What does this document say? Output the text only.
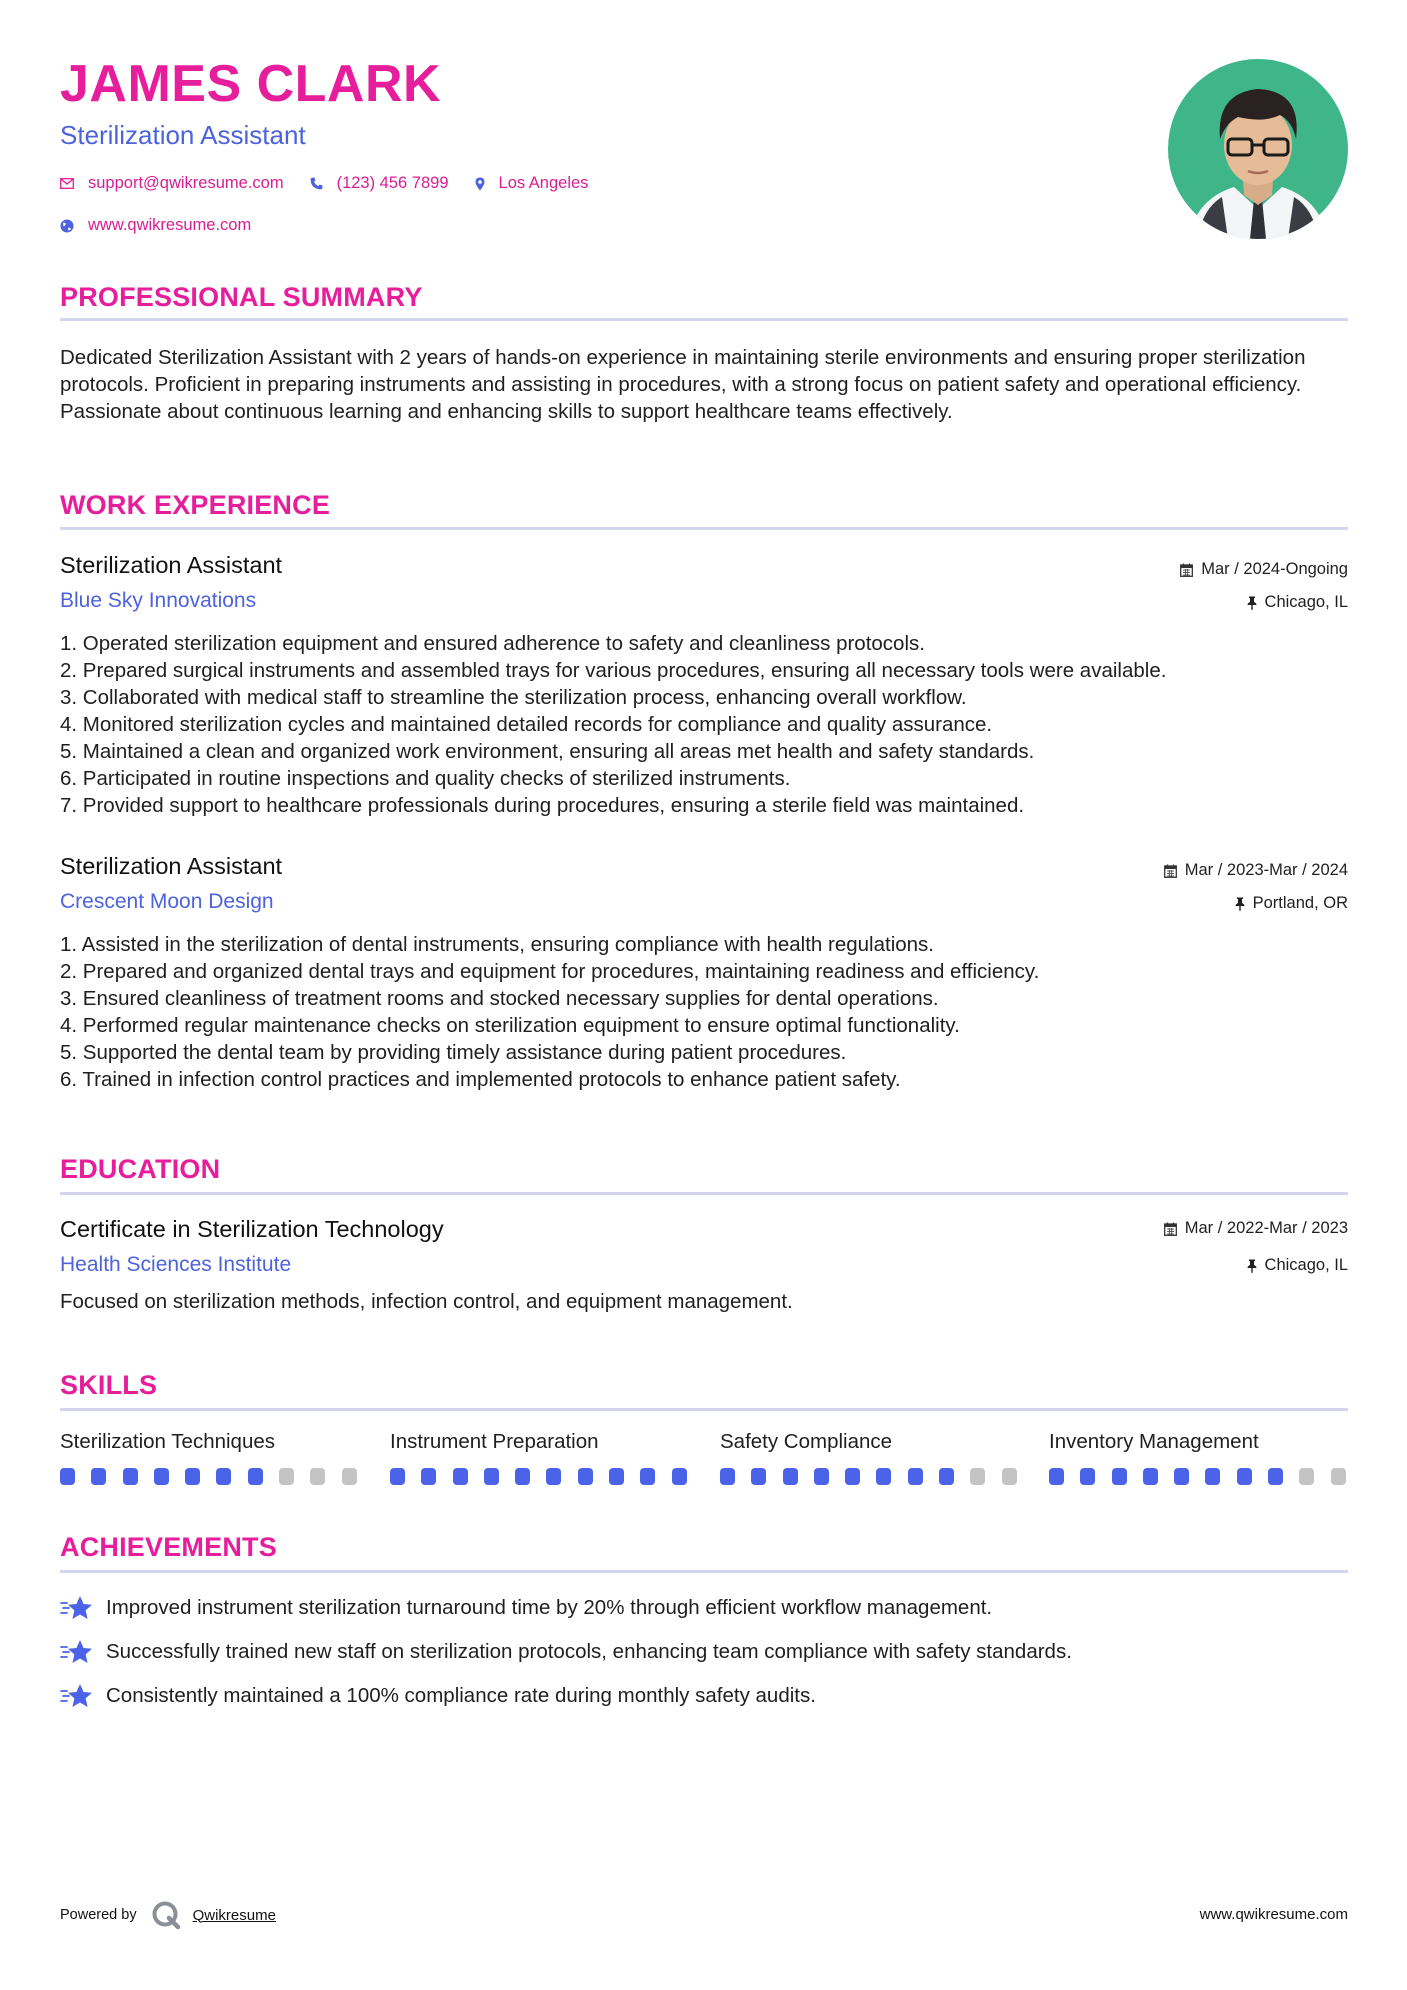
JAMES CLARK
Sterilization Assistant
support@qwikresume.com	(123) 456 7899	Los Angeles
www.qwikresume.com
PROFESSIONAL SUMMARY

Dedicated Sterilization Assistant with 2 years of hands-on experience in maintaining sterile environments and ensuring proper sterilization protocols. Proficient in preparing instruments and assisting in procedures, with a strong focus on patient safety and operational efficiency. Passionate about continuous learning and enhancing skills to support healthcare teams effectively.

WORK EXPERIENCE
Sterilization Assistant	Mar / 2024-Ongoing
Blue Sky Innovations	Chicago, IL
1. Operated sterilization equipment and ensured adherence to safety and cleanliness protocols.
2. Prepared surgical instruments and assembled trays for various procedures, ensuring all necessary tools were available.
3. Collaborated with medical staff to streamline the sterilization process, enhancing overall workflow.
4. Monitored sterilization cycles and maintained detailed records for compliance and quality assurance.
5. Maintained a clean and organized work environment, ensuring all areas met health and safety standards.
6. Participated in routine inspections and quality checks of sterilized instruments.
7. Provided support to healthcare professionals during procedures, ensuring a sterile field was maintained.
Sterilization Assistant	Mar / 2023-Mar / 2024
Crescent Moon Design	Portland, OR
1. Assisted in the sterilization of dental instruments, ensuring compliance with health regulations.
2. Prepared and organized dental trays and equipment for procedures, maintaining readiness and efficiency.
3. Ensured cleanliness of treatment rooms and stocked necessary supplies for dental operations.
4. Performed regular maintenance checks on sterilization equipment to ensure optimal functionality.
5. Supported the dental team by providing timely assistance during patient procedures.
6. Trained in infection control practices and implemented protocols to enhance patient safety.
EDUCATION
Certificate in Sterilization Technology	Mar / 2022-Mar / 2023
Health Sciences Institute	Chicago, IL
Focused on sterilization methods, infection control, and equipment management.
SKILLS
Sterilization Techniques	Instrument Preparation	Safety Compliance	Inventory Management
ACHIEVEMENTS
Improved instrument sterilization turnaround time by 20% through efficient workflow management.
Successfully trained new staff on sterilization protocols, enhancing team compliance with safety standards.
Consistently maintained a 100% compliance rate during monthly safety audits.
Powered by	Qwikresume	www.qwikresume.com
